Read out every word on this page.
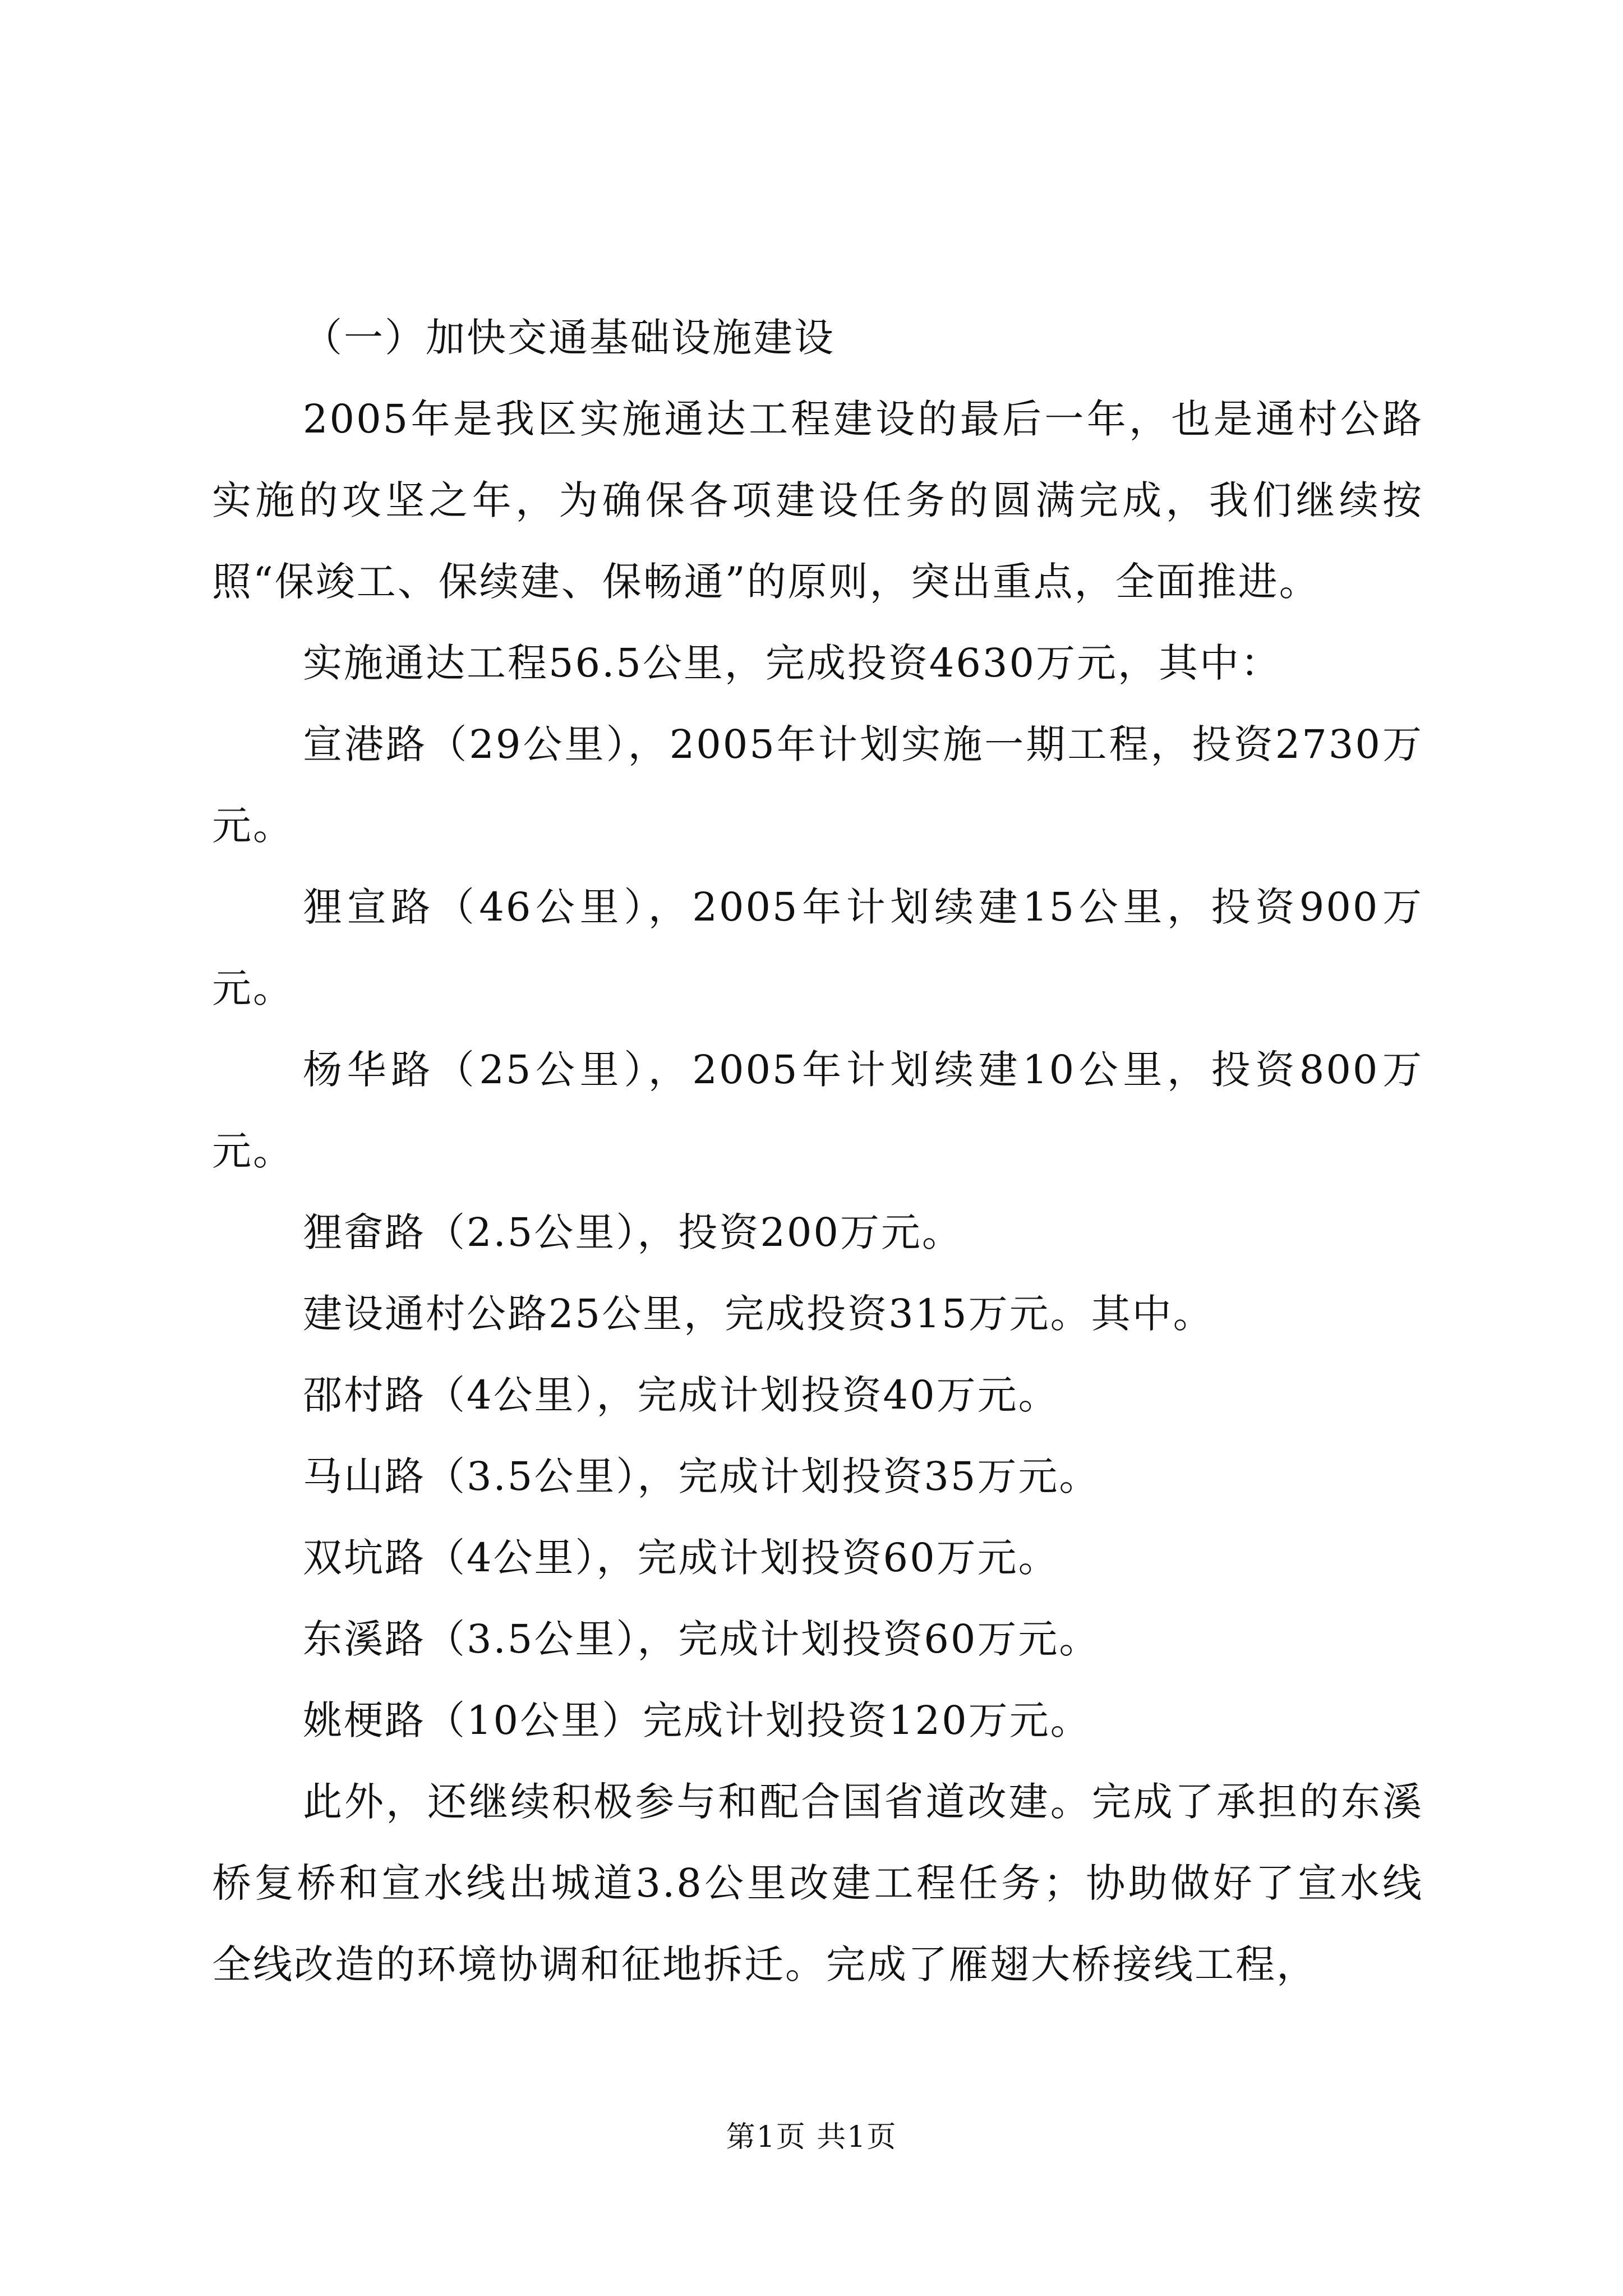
（一）加快交通基础设施建设

2005年是我区实施通达工程建设的最后一年，也是通村公路实施的攻坚之年，为确保各项建设任务的圆满完成，我们继续按照“保竣工、保续建、保畅通”的原则，突出重点，全面推进。

实施通达工程56.5公里，完成投资4630万元，其中：

宣港路（29公里），2005年计划实施一期工程，投资2730万元。

狸宣路（46公里），2005年计划续建15公里，投资900万元。

杨华路（25公里），2005年计划续建10公里，投资800万元。

狸畲路（2.5公里），投资200万元。

建设通村公路25公里，完成投资315万元。其中。

邵村路（4公里），完成计划投资40万元。

马山路（3.5公里），完成计划投资35万元。

双坑路（4公里），完成计划投资60万元。

东溪路（3.5公里），完成计划投资60万元。

姚梗路（10公里）完成计划投资120万元。

此外，还继续积极参与和配合国省道改建。完成了承担的东溪桥复桥和宣水线出城道3.8公里改建工程任务；协助做好了宣水线全线改造的环境协调和征地拆迁。完成了雁翅大桥接线工程，

第1页 共1页
